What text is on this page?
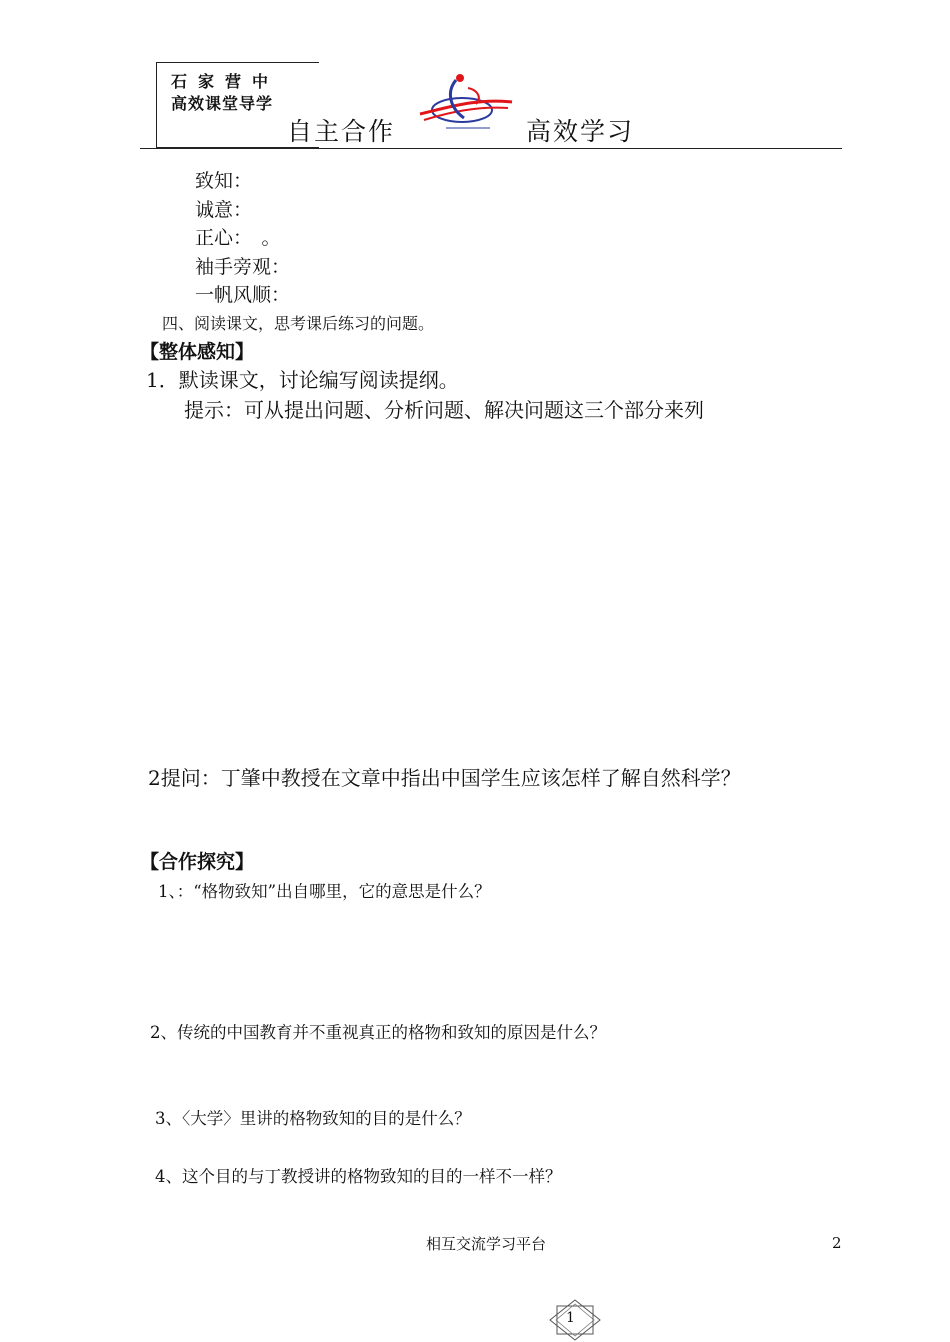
石家营中
高效课堂导学
自主合作	高效学习
致知：
诚意：
正心：　。
袖手旁观：
一帆风顺：
四、阅读课文，思考课后练习的问题。
【整体感知】
1．默读课文，讨论编写阅读提纲。
提示：可从提出问题、分析问题、解决问题这三个部分来列
2提问：丁肇中教授在文章中指出中国学生应该怎样了解自然科学？
【合作探究】
1、：“格物致知”出自哪里，它的意思是什么？
2、传统的中国教育并不重视真正的格物和致知的原因是什么？
3、〈大学〉里讲的格物致知的目的是什么？
4、这个目的与丁教授讲的格物致知的目的一样不一样？
相互交流学习平台	2
1
